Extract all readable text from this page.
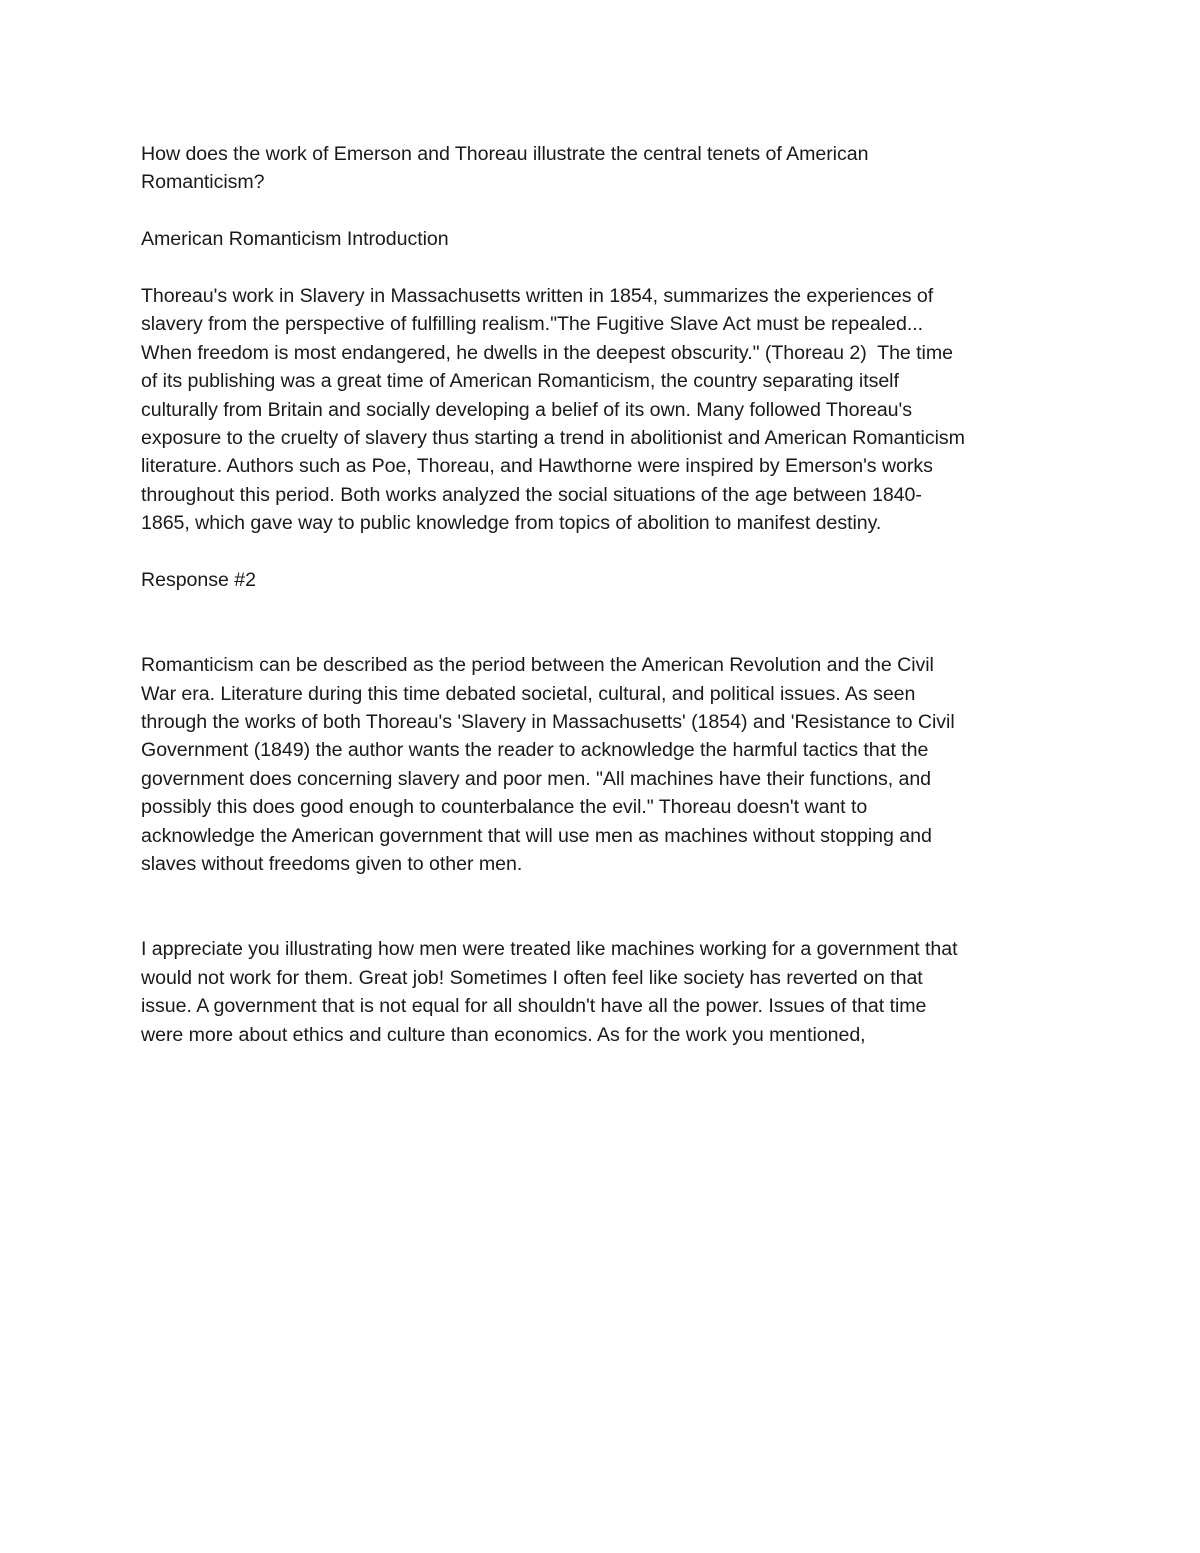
How does the work of Emerson and Thoreau illustrate the central tenets of American
Romanticism?

American Romanticism Introduction

Thoreau's work in Slavery in Massachusetts written in 1854, summarizes the experiences of
slavery from the perspective of fulfilling realism."The Fugitive Slave Act must be repealed...
When freedom is most endangered, he dwells in the deepest obscurity." (Thoreau 2)  The time
of its publishing was a great time of American Romanticism, the country separating itself
culturally from Britain and socially developing a belief of its own. Many followed Thoreau's
exposure to the cruelty of slavery thus starting a trend in abolitionist and American Romanticism
literature. Authors such as Poe, Thoreau, and Hawthorne were inspired by Emerson's works
throughout this period. Both works analyzed the social situations of the age between 1840-
1865, which gave way to public knowledge from topics of abolition to manifest destiny.

Response #2

Romanticism can be described as the period between the American Revolution and the Civil
War era. Literature during this time debated societal, cultural, and political issues. As seen
through the works of both Thoreau's 'Slavery in Massachusetts' (1854) and 'Resistance to Civil
Government (1849) the author wants the reader to acknowledge the harmful tactics that the
government does concerning slavery and poor men. "All machines have their functions, and
possibly this does good enough to counterbalance the evil." Thoreau doesn't want to
acknowledge the American government that will use men as machines without stopping and
slaves without freedoms given to other men.

I appreciate you illustrating how men were treated like machines working for a government that
would not work for them. Great job! Sometimes I often feel like society has reverted on that
issue. A government that is not equal for all shouldn't have all the power. Issues of that time
were more about ethics and culture than economics. As for the work you mentioned,
